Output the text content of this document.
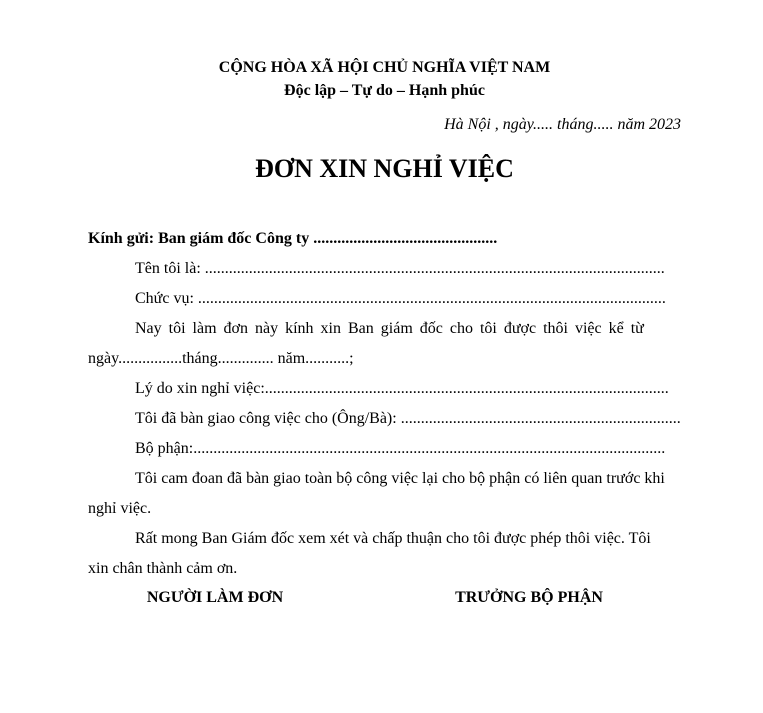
CỘNG HÒA XÃ HỘI CHỦ NGHĨA VIỆT NAM
Độc lập – Tự do – Hạnh phúc
Hà Nội , ngày..... tháng..... năm 2023
ĐƠN XIN NGHỈ VIỆC
Kính gửi: Ban giám đốc Công ty ..............................................
Tên tôi là: ...................................................................................................................
Chức vụ: .....................................................................................................................
Nay tôi làm đơn này kính xin Ban giám đốc cho tôi được thôi việc kể từ
ngày................tháng.............. năm...........;
Lý do xin nghỉ việc:.....................................................................................................
Tôi đã bàn giao công việc cho (Ông/Bà): ......................................................................
Bộ phận:......................................................................................................................
Tôi cam đoan đã bàn giao toàn bộ công việc lại cho bộ phận có liên quan trước khi
nghỉ việc.
Rất mong Ban Giám đốc xem xét và chấp thuận cho tôi được phép thôi việc. Tôi
xin chân thành cảm ơn.
NGƯỜI LÀM ĐƠN	TRƯỞNG BỘ PHẬN
